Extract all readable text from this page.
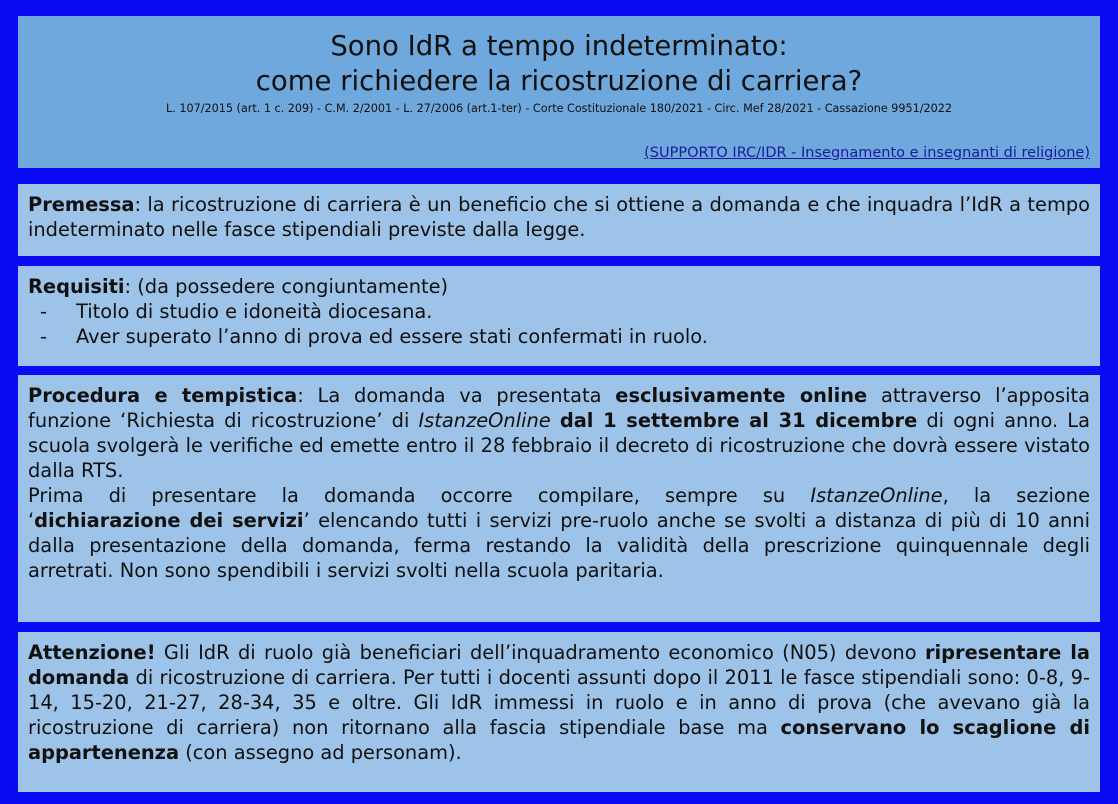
Sono IdR a tempo indeterminato:
come richiedere la ricostruzione di carriera?
L. 107/2015 (art. 1 c. 209) - C.M. 2/2001 - L. 27/2006 (art.1-ter) - Corte Costituzionale 180/2021 - Circ. Mef 28/2021 - Cassazione 9951/2022
(SUPPORTO IRC/IDR - Insegnamento e insegnanti di religione)
Premessa: la ricostruzione di carriera è un beneficio che si ottiene a domanda e che inquadra l’IdR a tempo indeterminato nelle fasce stipendiali previste dalla legge.
Requisiti: (da possedere congiuntamente)
-	Titolo di studio e idoneità diocesana.
-	Aver superato l’anno di prova ed essere stati confermati in ruolo.
Procedura e tempistica: La domanda va presentata esclusivamente online attraverso l’apposita funzione ‘Richiesta di ricostruzione’ di IstanzeOnline dal 1 settembre al 31 dicembre di ogni anno. La scuola svolgerà le verifiche ed emette entro il 28 febbraio il decreto di ricostruzione che dovrà essere vistato dalla RTS.
Prima di presentare la domanda occorre compilare, sempre su IstanzeOnline, la sezione
‘dichiarazione dei servizi’ elencando tutti i servizi pre-ruolo anche se svolti a distanza di più di 10 anni dalla presentazione della domanda, ferma restando la validità della prescrizione quinquennale degli arretrati. Non sono spendibili i servizi svolti nella scuola paritaria.
Attenzione! Gli IdR di ruolo già beneficiari dell’inquadramento economico (N05) devono ripresentare la domanda di ricostruzione di carriera. Per tutti i docenti assunti dopo il 2011 le fasce stipendiali sono: 0-8, 9-14, 15-20, 21-27, 28-34, 35 e oltre. Gli IdR immessi in ruolo e in anno di prova (che avevano già la ricostruzione di carriera) non ritornano alla fascia stipendiale base ma conservano lo scaglione di appartenenza (con assegno ad personam).
